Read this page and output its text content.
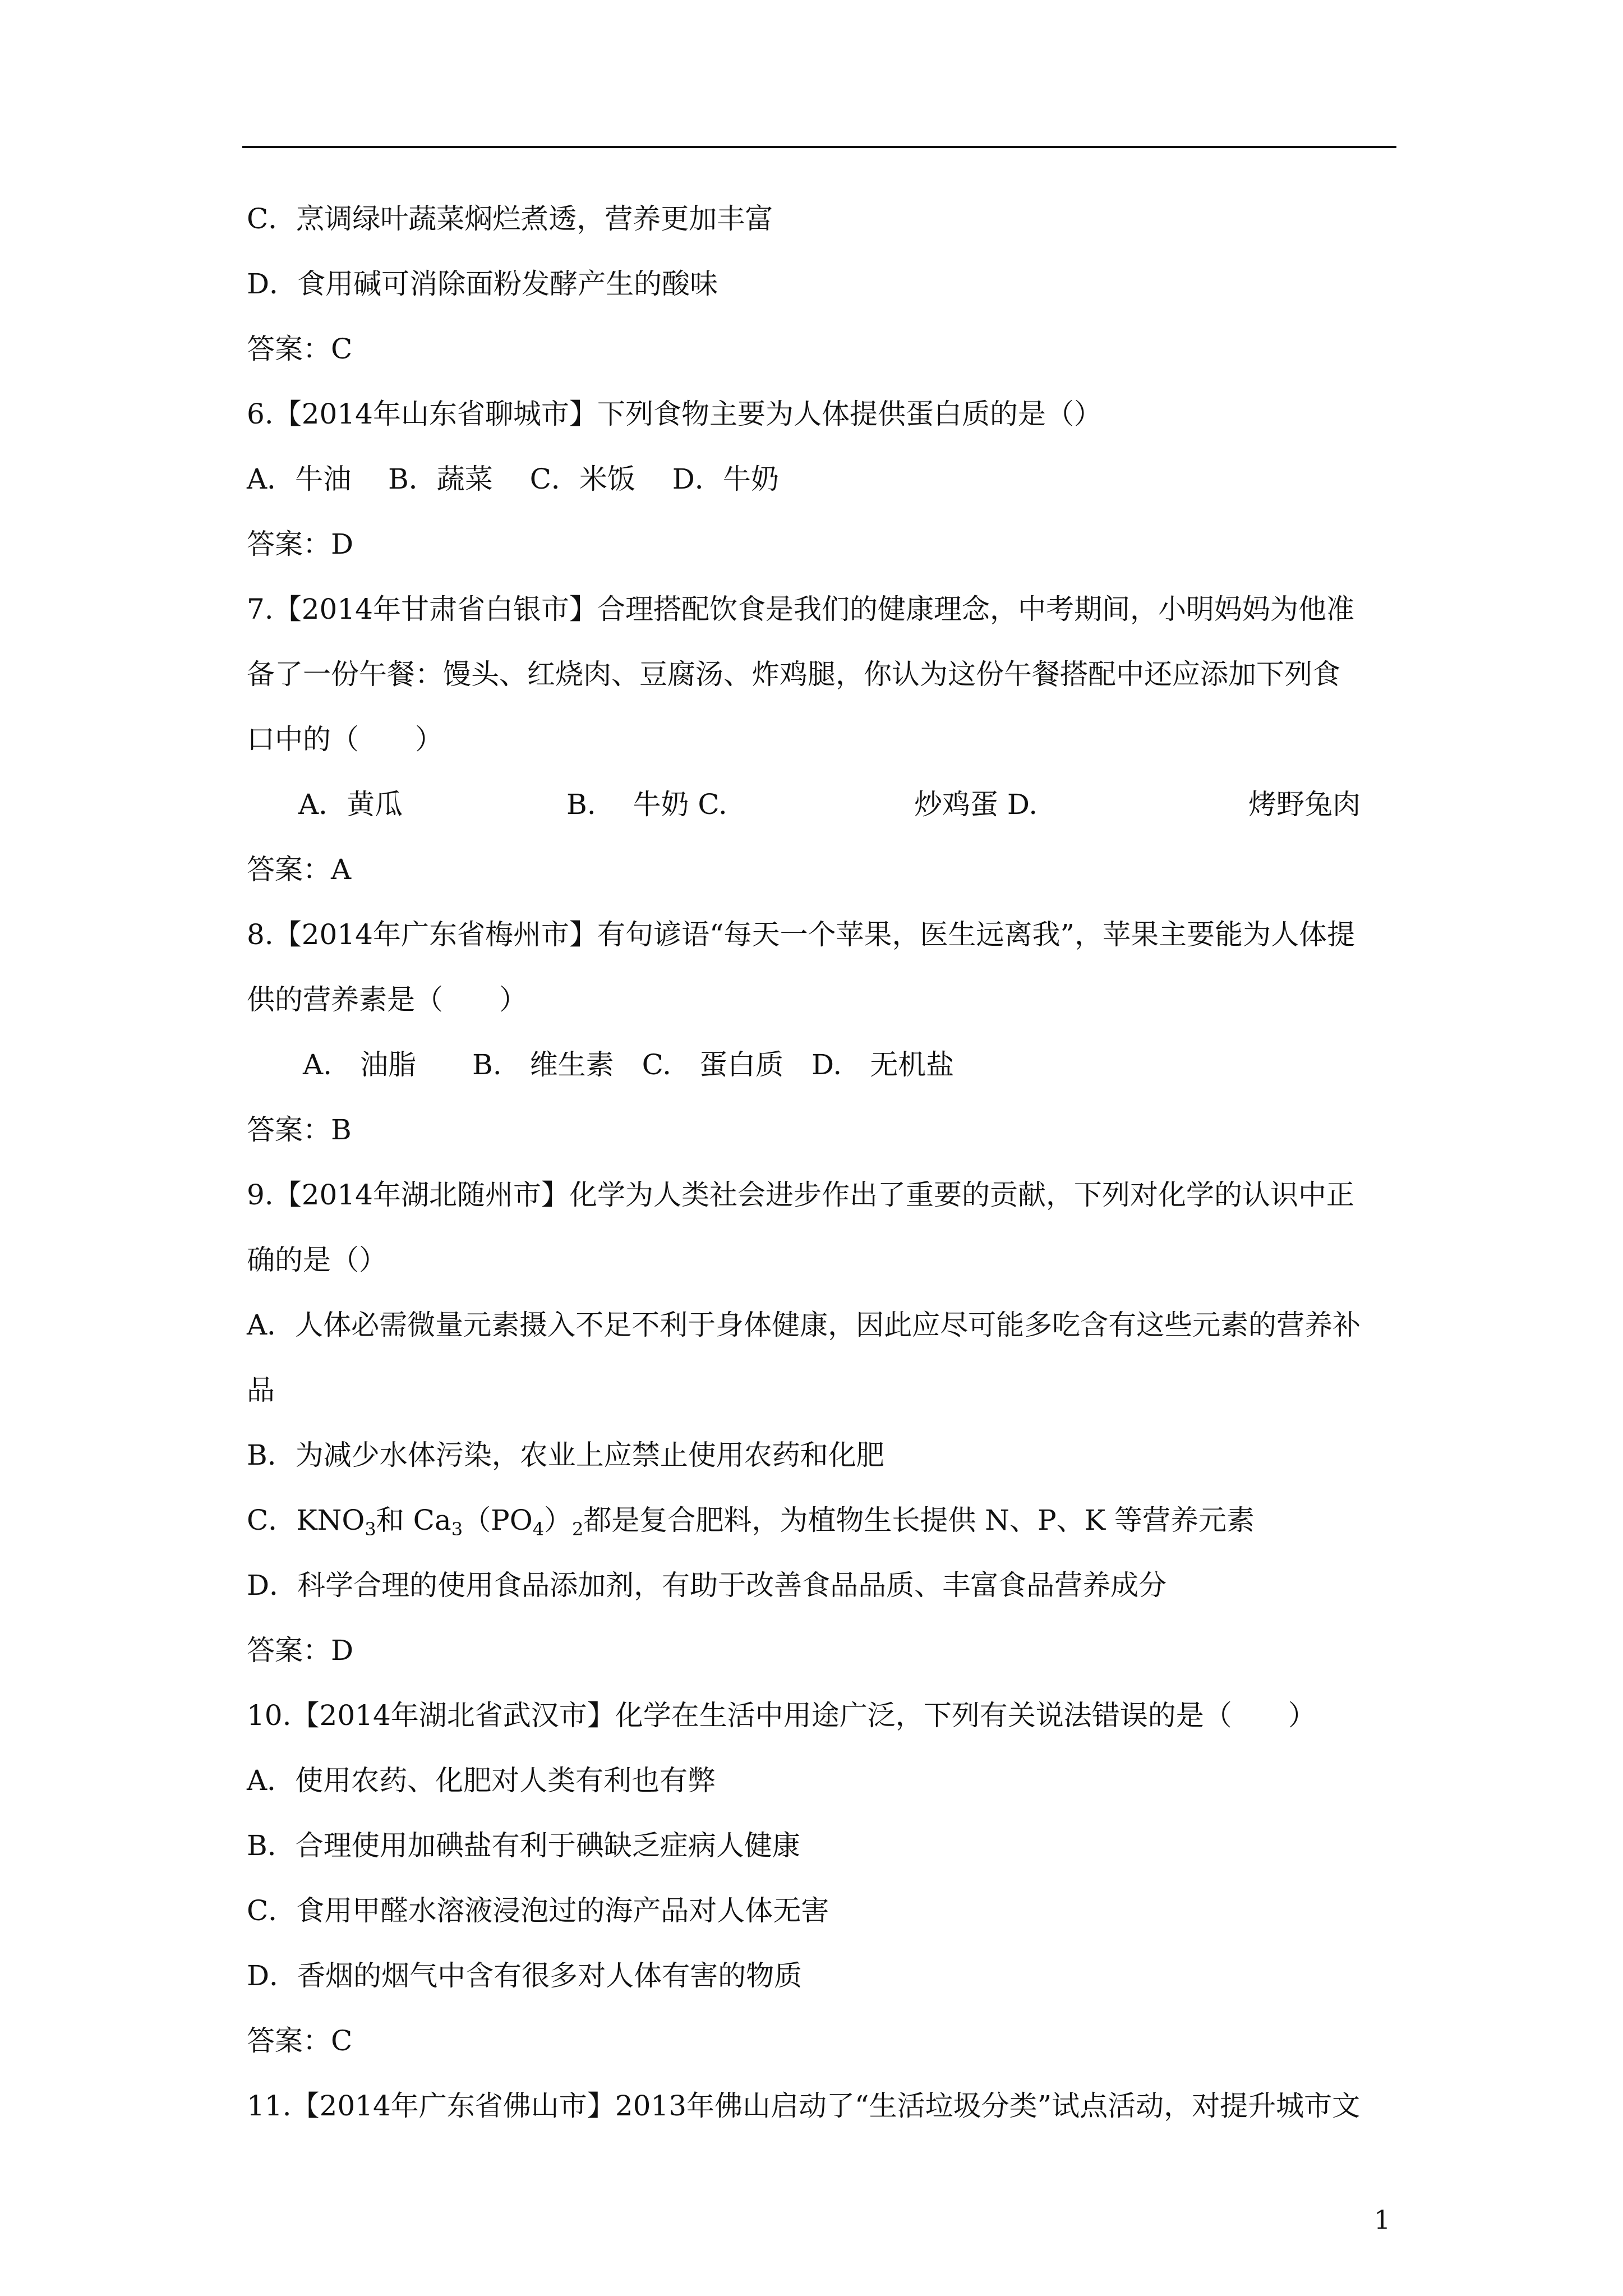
C．烹调绿叶蔬菜焖烂煮透，营养更加丰富
D．食用碱可消除面粉发酵产生的酸味
答案：C
6.【2014年山东省聊城市】下列食物主要为人体提供蛋白质的是（）
A．牛油　 B．蔬菜　 C．米饭　 D．牛奶
答案：D
7.【2014年甘肃省白银市】合理搭配饮食是我们的健康理念，中考期间，小明妈妈为他准
备了一份午餐：馒头、红烧肉、豆腐汤、炸鸡腿，你认为这份午餐搭配中还应添加下列食
口中的（　　）
A．黄瓜	B.　 牛奶 C.	炒鸡蛋 D.	烤野兔肉
答案：A
8.【2014年广东省梅州市】有句谚语“每天一个苹果，医生远离我”，苹果主要能为人体提
供的营养素是（　　）
A.　油脂　　B.　维生素　C.　蛋白质　D.　无机盐
答案：B
9.【2014年湖北随州市】化学为人类社会进步作出了重要的贡献，下列对化学的认识中正
确的是（）
A．人体必需微量元素摄入不足不利于身体健康，因此应尽可能多吃含有这些元素的营养补
品
B．为减少水体污染，农业上应禁止使用农药和化肥
C．$KNO_3$和 $Ca_3(PO_4)_2$都是复合肥料，为植物生长提供 N、P、K 等营养元素
D．科学合理的使用食品添加剂，有助于改善食品品质、丰富食品营养成分
答案：D
10.【2014年湖北省武汉市】化学在生活中用途广泛，下列有关说法错误的是（　　）
A．使用农药、化肥对人类有利也有弊
B．合理使用加碘盐有利于碘缺乏症病人健康
C．食用甲醛水溶液浸泡过的海产品对人体无害
D．香烟的烟气中含有很多对人体有害的物质
答案：C
11.【2014年广东省佛山市】2013年佛山启动了“生活垃圾分类”试点活动，对提升城市文
1
